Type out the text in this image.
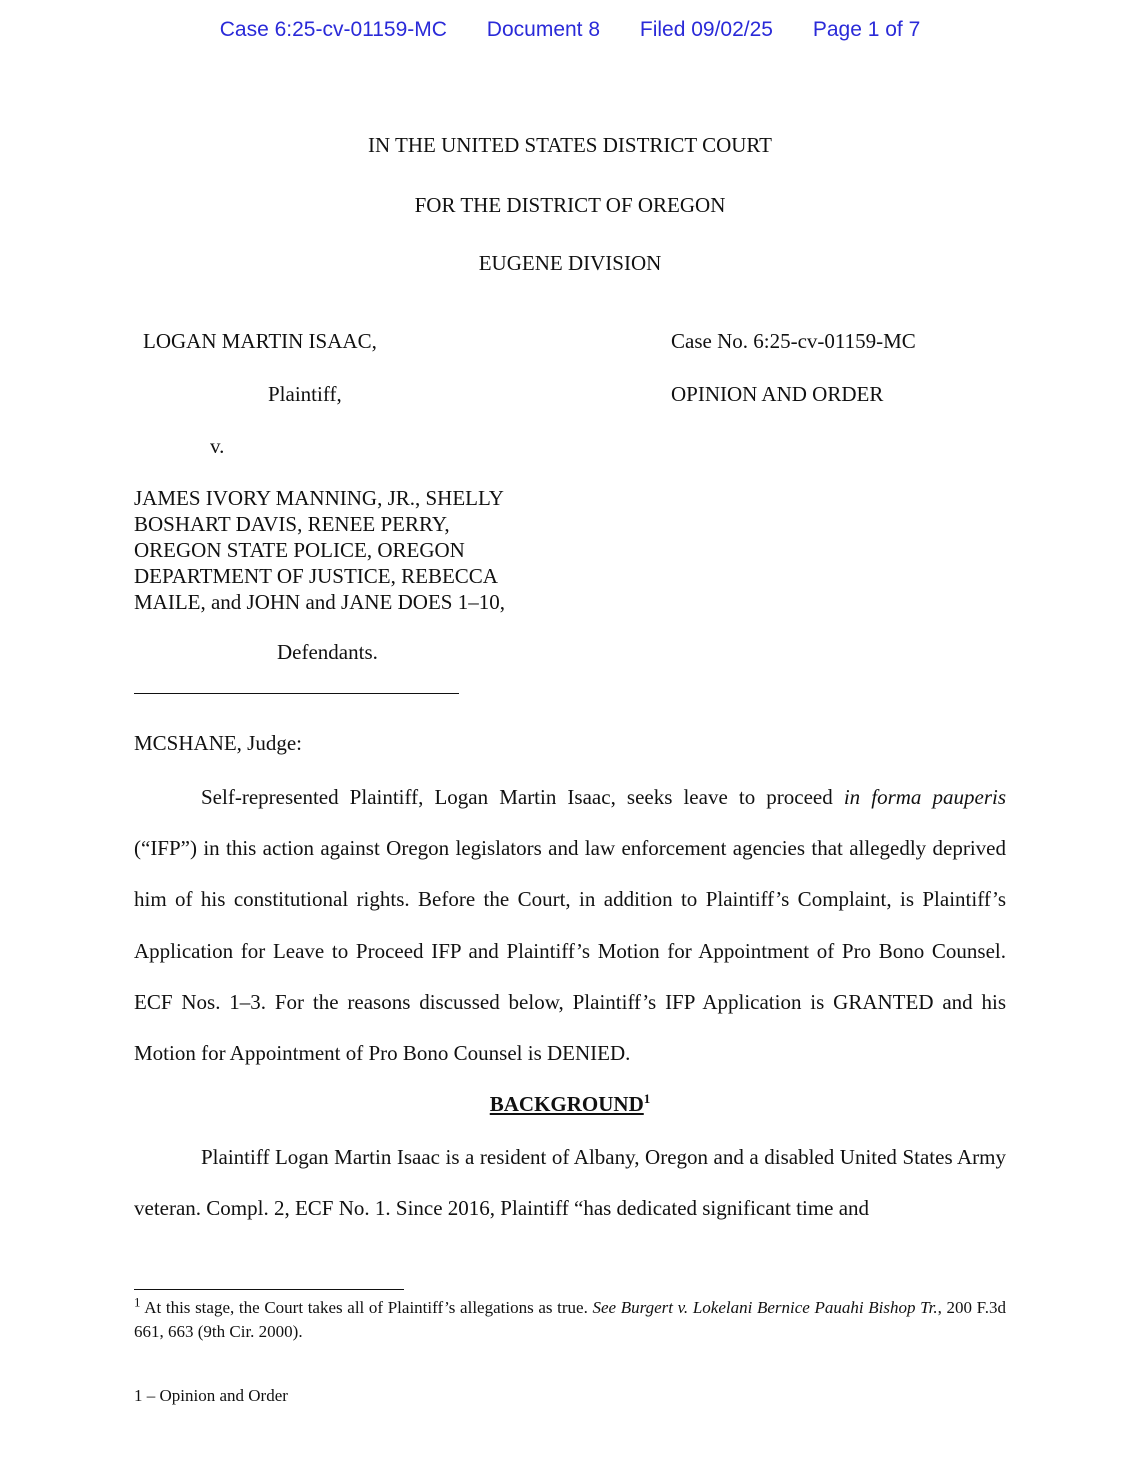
Case 6:25-cv-01159-MC Document 8 Filed 09/02/25 Page 1 of 7
IN THE UNITED STATES DISTRICT COURT
FOR THE DISTRICT OF OREGON
EUGENE DIVISION
LOGAN MARTIN ISAAC,
Plaintiff,
v.
JAMES IVORY MANNING, JR., SHELLY
BOSHART DAVIS, RENEE PERRY,
OREGON STATE POLICE, OREGON
DEPARTMENT OF JUSTICE, REBECCA
MAILE, and JOHN and JANE DOES 1–10,
Defendants.
Case No. 6:25-cv-01159-MC
OPINION AND ORDER
MCSHANE, Judge:

Self-represented Plaintiff, Logan Martin Isaac, seeks leave to proceed in forma pauperis (“IFP”) in this action against Oregon legislators and law enforcement agencies that allegedly deprived him of his constitutional rights. Before the Court, in addition to Plaintiff’s Complaint, is Plaintiff’s Application for Leave to Proceed IFP and Plaintiff’s Motion for Appointment of Pro Bono Counsel. ECF Nos. 1–3. For the reasons discussed below, Plaintiff’s IFP Application is GRANTED and his Motion for Appointment of Pro Bono Counsel is DENIED.

BACKGROUND$^1$

Plaintiff Logan Martin Isaac is a resident of Albany, Oregon and a disabled United States Army veteran. Compl. 2, ECF No. 1. Since 2016, Plaintiff “has dedicated significant time and

$^1$ At this stage, the Court takes all of Plaintiff’s allegations as true. See Burgert v. Lokelani Bernice Pauahi Bishop Tr., 200 F.3d 661, 663 (9th Cir. 2000).

1 – Opinion and Order
